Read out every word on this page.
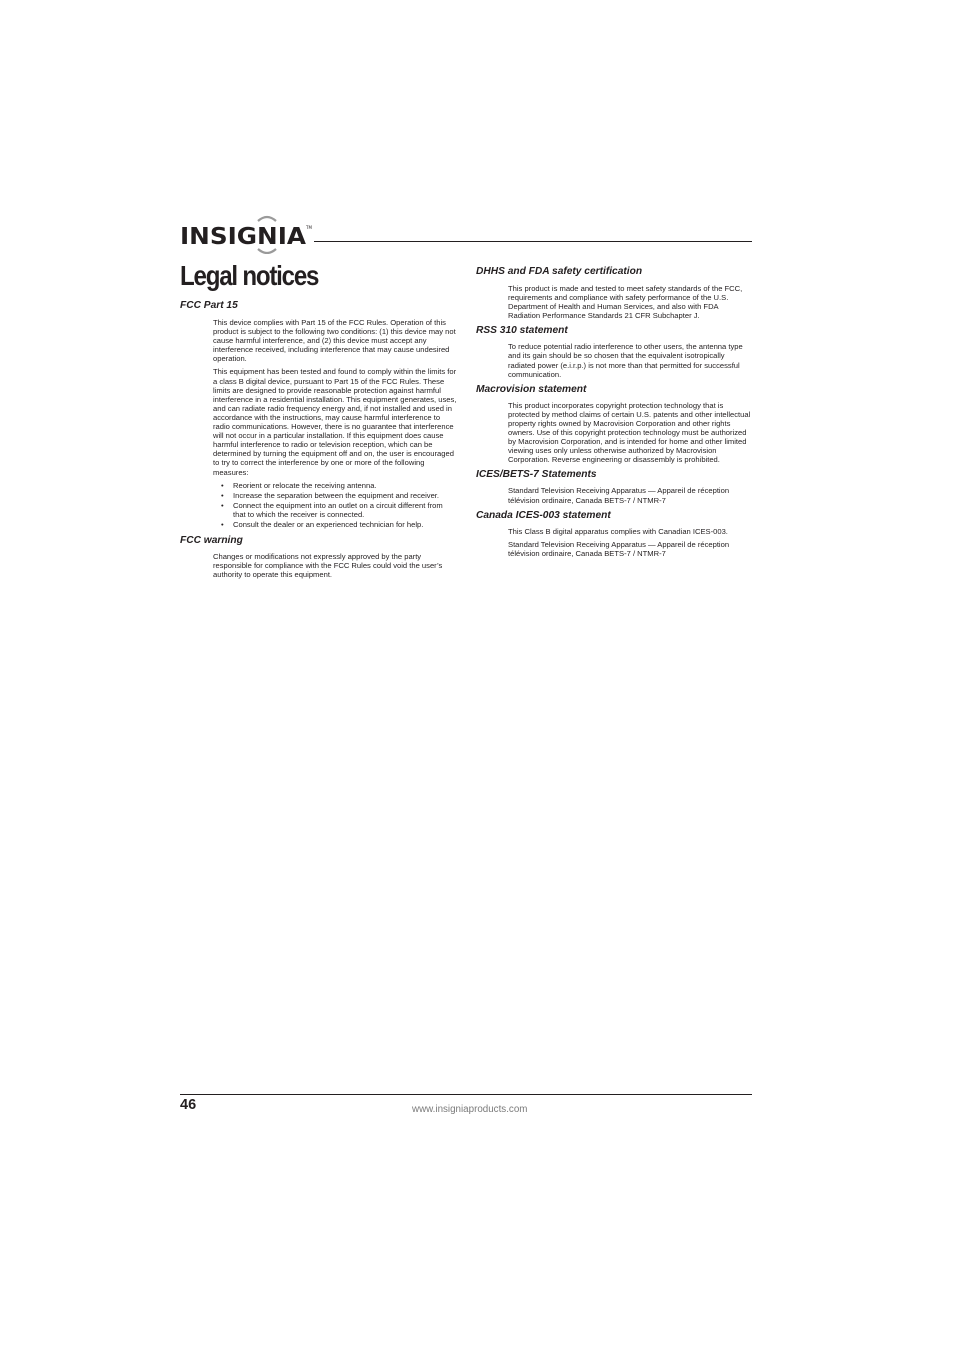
INSIGNIA TM
Legal notices
FCC Part 15

This device complies with Part 15 of the FCC Rules. Operation of this product is subject to the following two conditions: (1) this device may not cause harmful interference, and (2) this device must accept any interference received, including interference that may cause undesired operation.

This equipment has been tested and found to comply within the limits for a class B digital device, pursuant to Part 15 of the FCC Rules. These limits are designed to provide reasonable protection against harmful interference in a residential installation. This equipment generates, uses, and can radiate radio frequency energy and, if not installed and used in accordance with the instructions, may cause harmful interference to radio communications. However, there is no guarantee that interference will not occur in a particular installation. If this equipment does cause harmful interference to radio or television reception, which can be determined by turning the equipment off and on, the user is encouraged to try to correct the interference by one or more of the following measures:

• Reorient or relocate the receiving antenna.
• Increase the separation between the equipment and receiver.
• Connect the equipment into an outlet on a circuit different from that to which the receiver is connected.
• Consult the dealer or an experienced technician for help.
FCC warning

Changes or modifications not expressly approved by the party responsible for compliance with the FCC Rules could void the user’s authority to operate this equipment.

DHHS and FDA safety certification

This product is made and tested to meet safety standards of the FCC, requirements and compliance with safety performance of the U.S. Department of Health and Human Services, and also with FDA Radiation Performance Standards 21 CFR Subchapter J.

RSS 310 statement

To reduce potential radio interference to other users, the antenna type and its gain should be so chosen that the equivalent isotropically radiated power (e.i.r.p.) is not more than that permitted for successful communication.

Macrovision statement

This product incorporates copyright protection technology that is protected by method claims of certain U.S. patents and other intellectual property rights owned by Macrovision Corporation and other rights owners. Use of this copyright protection technology must be authorized by Macrovision Corporation, and is intended for home and other limited viewing uses only unless otherwise authorized by Macrovision Corporation. Reverse engineering or disassembly is prohibited.

ICES/BETS-7 Statements

Standard Television Receiving Apparatus — Appareil de réception télévision ordinaire, Canada BETS-7 / NTMR-7

Canada ICES-003 statement

This Class B digital apparatus complies with Canadian ICES-003.

Standard Television Receiving Apparatus — Appareil de réception télévision ordinaire, Canada BETS-7 / NTMR-7

46	www.insigniaproducts.com
